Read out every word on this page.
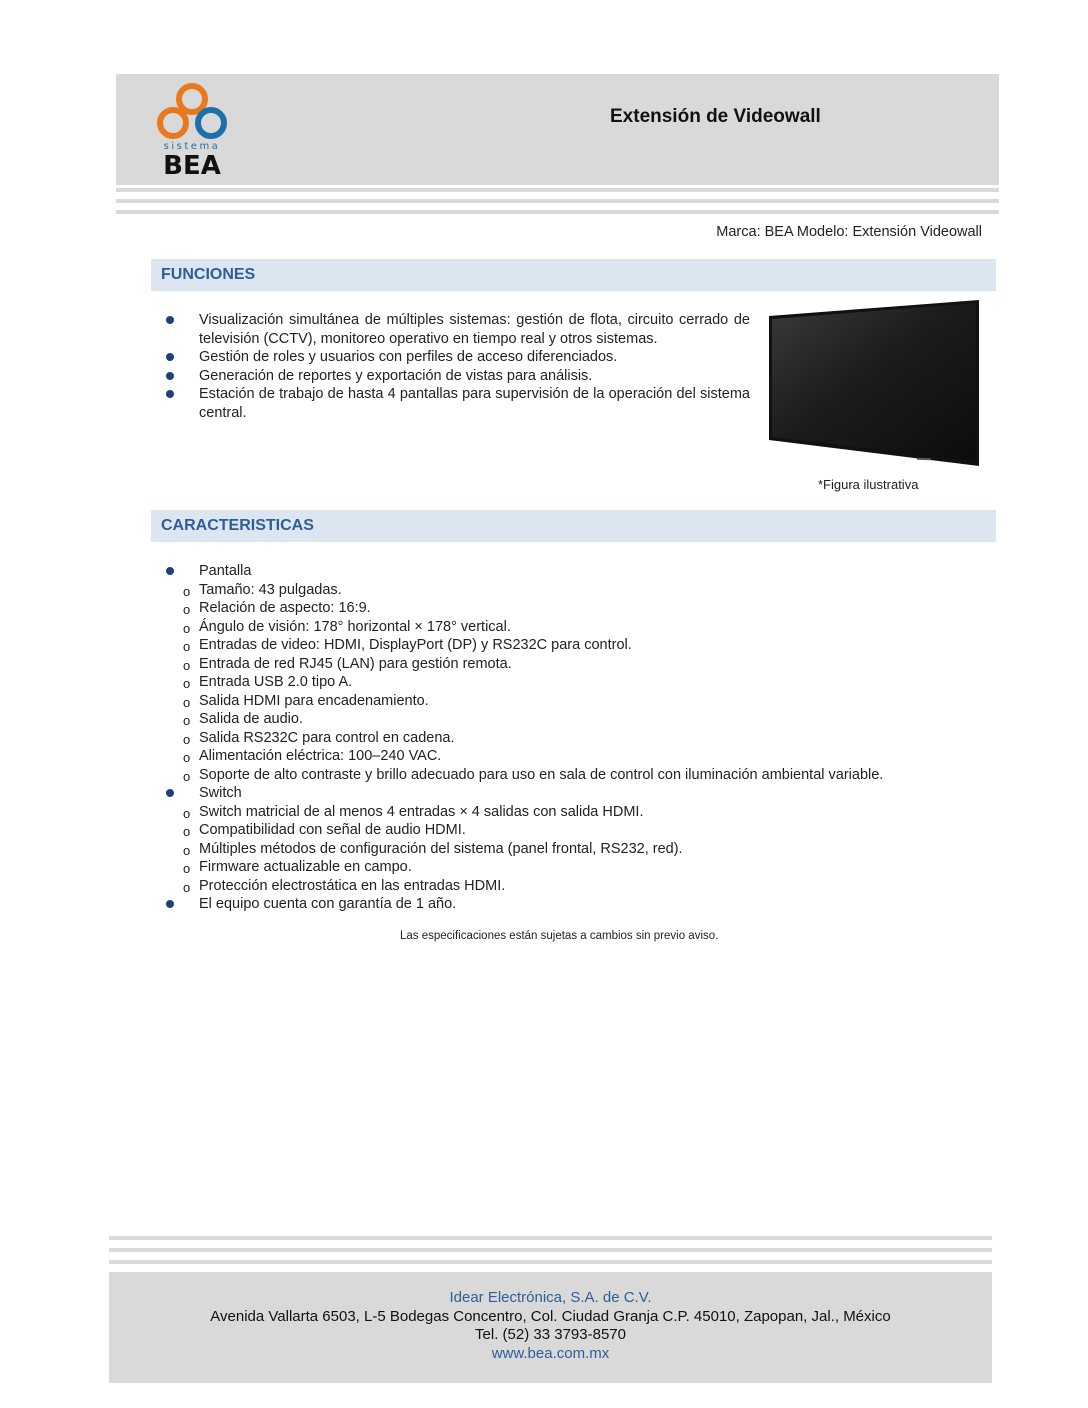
sistema
BEA
Extensión de Videowall
Marca: BEA Modelo: Extensión Videowall
FUNCIONES
Visualización simultánea de múltiples sistemas: gestión de flota, circuito cerrado de televisión (CCTV), monitoreo operativo en tiempo real y otros sistemas.
Gestión de roles y usuarios con perfiles de acceso diferenciados.
Generación de reportes y exportación de vistas para análisis.
Estación de trabajo de hasta 4 pantallas para supervisión de la operación del sistema central.
*Figura ilustrativa
CARACTERISTICAS
Pantalla
o Tamaño: 43 pulgadas.
o Relación de aspecto: 16:9.
o Ángulo de visión: 178° horizontal × 178° vertical.
o Entradas de video: HDMI, DisplayPort (DP) y RS232C para control.
o Entrada de red RJ45 (LAN) para gestión remota.
o Entrada USB 2.0 tipo A.
o Salida HDMI para encadenamiento.
o Salida de audio.
o Salida RS232C para control en cadena.
o Alimentación eléctrica: 100–240 VAC.
o Soporte de alto contraste y brillo adecuado para uso en sala de control con iluminación ambiental variable.
Switch
o Switch matricial de al menos 4 entradas × 4 salidas con salida HDMI.
o Compatibilidad con señal de audio HDMI.
o Múltiples métodos de configuración del sistema (panel frontal, RS232, red).
o Firmware actualizable en campo.
o Protección electrostática en las entradas HDMI.
El equipo cuenta con garantía de 1 año.
Las especificaciones están sujetas a cambios sin previo aviso.
Idear Electrónica, S.A. de C.V.
Avenida Vallarta 6503, L-5 Bodegas Concentro, Col. Ciudad Granja C.P. 45010, Zapopan, Jal., México
Tel. (52) 33 3793-8570
www.bea.com.mx
